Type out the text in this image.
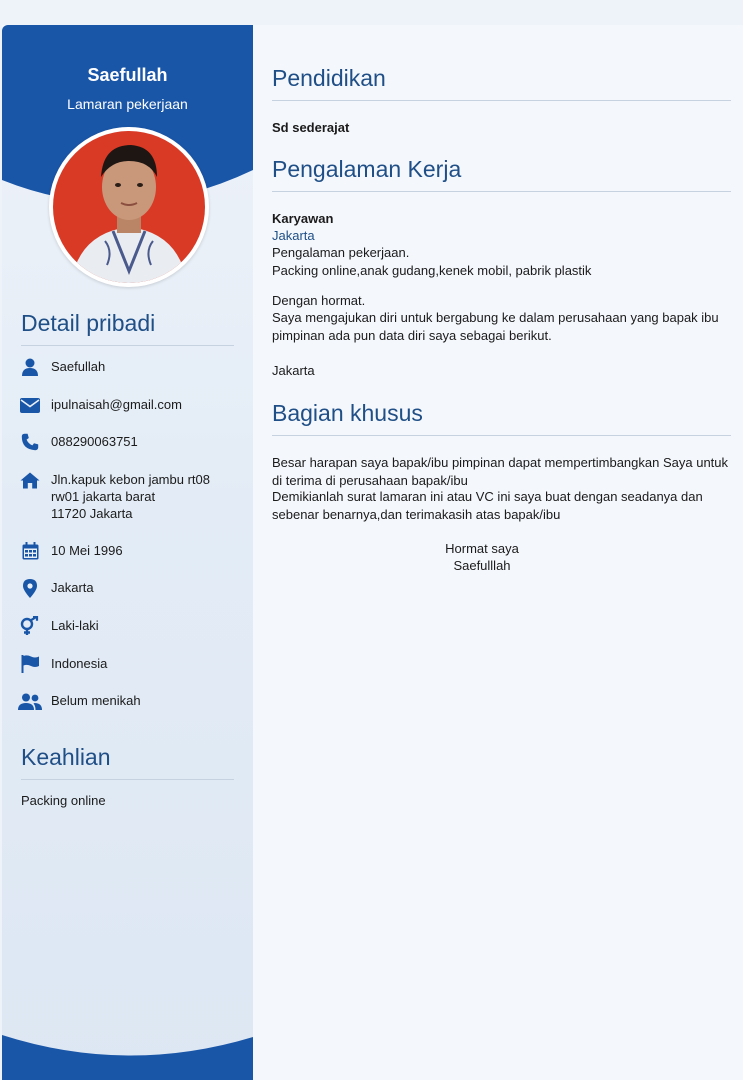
Saefullah
Lamaran pekerjaan
Detail pribadi
Saefullah
ipulnaisah@gmail.com
088290063751
Jln.kapuk kebon jambu rt08
rw01 jakarta barat
11720 Jakarta
10 Mei 1996
Jakarta
Laki-laki
Indonesia
Belum menikah
Keahlian
Packing online
Pendidikan
Sd sederajat
Pengalaman Kerja
Karyawan
Jakarta
Pengalaman pekerjaan.
Packing online,anak gudang,kenek mobil, pabrik plastik
Dengan hormat.
Saya mengajukan diri untuk bergabung ke dalam perusahaan yang bapak ibu pimpinan ada pun data diri saya sebagai berikut.
Jakarta
Bagian khusus
Besar harapan saya bapak/ibu pimpinan dapat mempertimbangkan Saya untuk di terima di perusahaan bapak/ibu
Demikianlah surat lamaran ini atau VC ini saya buat dengan seadanya dan sebenar benarnya,dan terimakasih atas bapak/ibu
Hormat saya
Saefulllah
